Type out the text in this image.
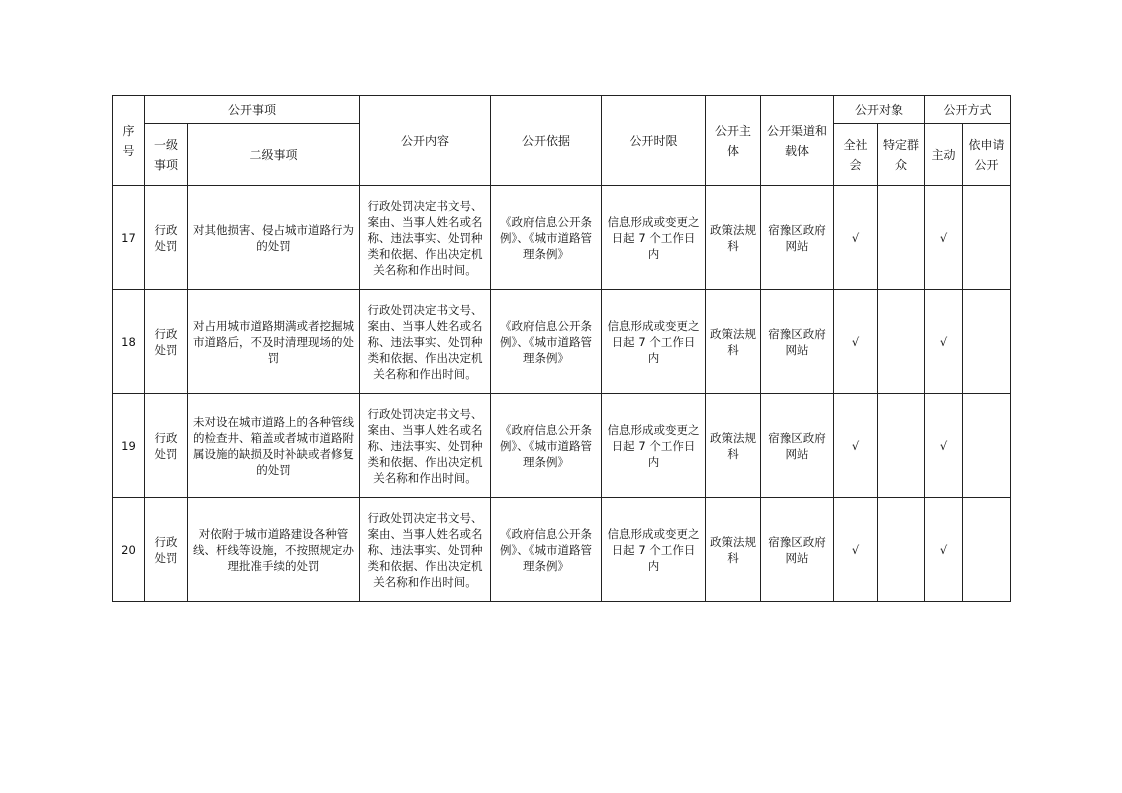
序号	公开事项		公开内容	公开依据	公开时限	公开主体	公开渠道和载体	公开对象		公开方式	
	一级事项	二级事项						全社会	特定群众	主动	依申请公开
17	行政处罚	对其他损害、侵占城市道路行为的处罚	行政处罚决定书文号、案由、当事人姓名或名称、违法事实、处罚种类和依据、作出决定机关名称和作出时间。	《政府信息公开条例》、《城市道路管理条例》	信息形成或变更之日起 7 个工作日内	政策法规科	宿豫区政府网站	√		√	
18	行政处罚	对占用城市道路期满或者挖掘城市道路后，不及时清理现场的处罚	行政处罚决定书文号、案由、当事人姓名或名称、违法事实、处罚种类和依据、作出决定机关名称和作出时间。	《政府信息公开条例》、《城市道路管理条例》	信息形成或变更之日起 7 个工作日内	政策法规科	宿豫区政府网站	√		√	
19	行政处罚	未对设在城市道路上的各种管线的检查井、箱盖或者城市道路附属设施的缺损及时补缺或者修复的处罚	行政处罚决定书文号、案由、当事人姓名或名称、违法事实、处罚种类和依据、作出决定机关名称和作出时间。	《政府信息公开条例》、《城市道路管理条例》	信息形成或变更之日起 7 个工作日内	政策法规科	宿豫区政府网站	√		√	
20	行政处罚	对依附于城市道路建设各种管线、杆线等设施，不按照规定办理批准手续的处罚	行政处罚决定书文号、案由、当事人姓名或名称、违法事实、处罚种类和依据、作出决定机关名称和作出时间。	《政府信息公开条例》、《城市道路管理条例》	信息形成或变更之日起 7 个工作日内	政策法规科	宿豫区政府网站	√		√	
